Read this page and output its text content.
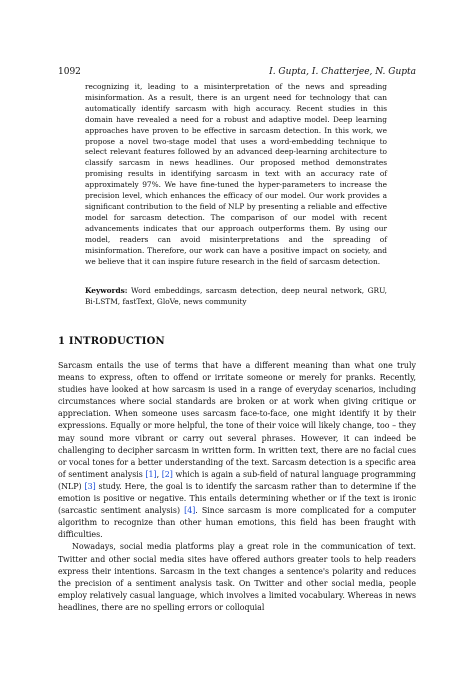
1092	I. Gupta, I. Chatterjee, N. Gupta
recognizing it, leading to a misinterpretation of the news and spreading misinformation. As a result, there is an urgent need for technology that can automatically identify sarcasm with high accuracy. Recent studies in this domain have revealed a need for a robust and adaptive model. Deep learning approaches have proven to be effective in sarcasm detection. In this work, we propose a novel two-stage model that uses a word-embedding technique to select relevant features followed by an advanced deep-learning architecture to classify sarcasm in news headlines. Our proposed method demonstrates promising results in identifying sarcasm in text with an accuracy rate of approximately 97%. We have fine-tuned the hyper-parameters to increase the precision level, which enhances the efficacy of our model. Our work provides a significant contribution to the field of NLP by presenting a reliable and effective model for sarcasm detection. The comparison of our model with recent advancements indicates that our approach outperforms them. By using our model, readers can avoid misinterpretations and the spreading of misinformation. Therefore, our work can have a positive impact on society, and we believe that it can inspire future research in the field of sarcasm detection.
Keywords: Word embeddings, sarcasm detection, deep neural network, GRU, Bi-LSTM, fastText, GloVe, news community
1 INTRODUCTION

Sarcasm entails the use of terms that have a different meaning than what one truly means to express, often to offend or irritate someone or merely for pranks. Recently, studies have looked at how sarcasm is used in a range of everyday scenarios, including circumstances where social standards are broken or at work when giving critique or appreciation. When someone uses sarcasm face-to-face, one might identify it by their expressions. Equally or more helpful, the tone of their voice will likely change, too – they may sound more vibrant or carry out several phrases. However, it can indeed be challenging to decipher sarcasm in written form. In written text, there are no facial cues or vocal tones for a better understanding of the text. Sarcasm detection is a specific area of sentiment analysis [1], [2] which is again a sub-field of natural language programming (NLP) [3] study. Here, the goal is to identify the sarcasm rather than to determine if the emotion is positive or negative. This entails determining whether or if the text is ironic (sarcastic sentiment analysis) [4]. Since sarcasm is more complicated for a computer algorithm to recognize than other human emotions, this field has been fraught with difficulties.

Nowadays, social media platforms play a great role in the communication of text. Twitter and other social media sites have offered authors greater tools to help readers express their intentions. Sarcasm in the text changes a sentence's polarity and reduces the precision of a sentiment analysis task. On Twitter and other social media, people employ relatively casual language, which involves a limited vocabulary. Whereas in news headlines, there are no spelling errors or colloquial
